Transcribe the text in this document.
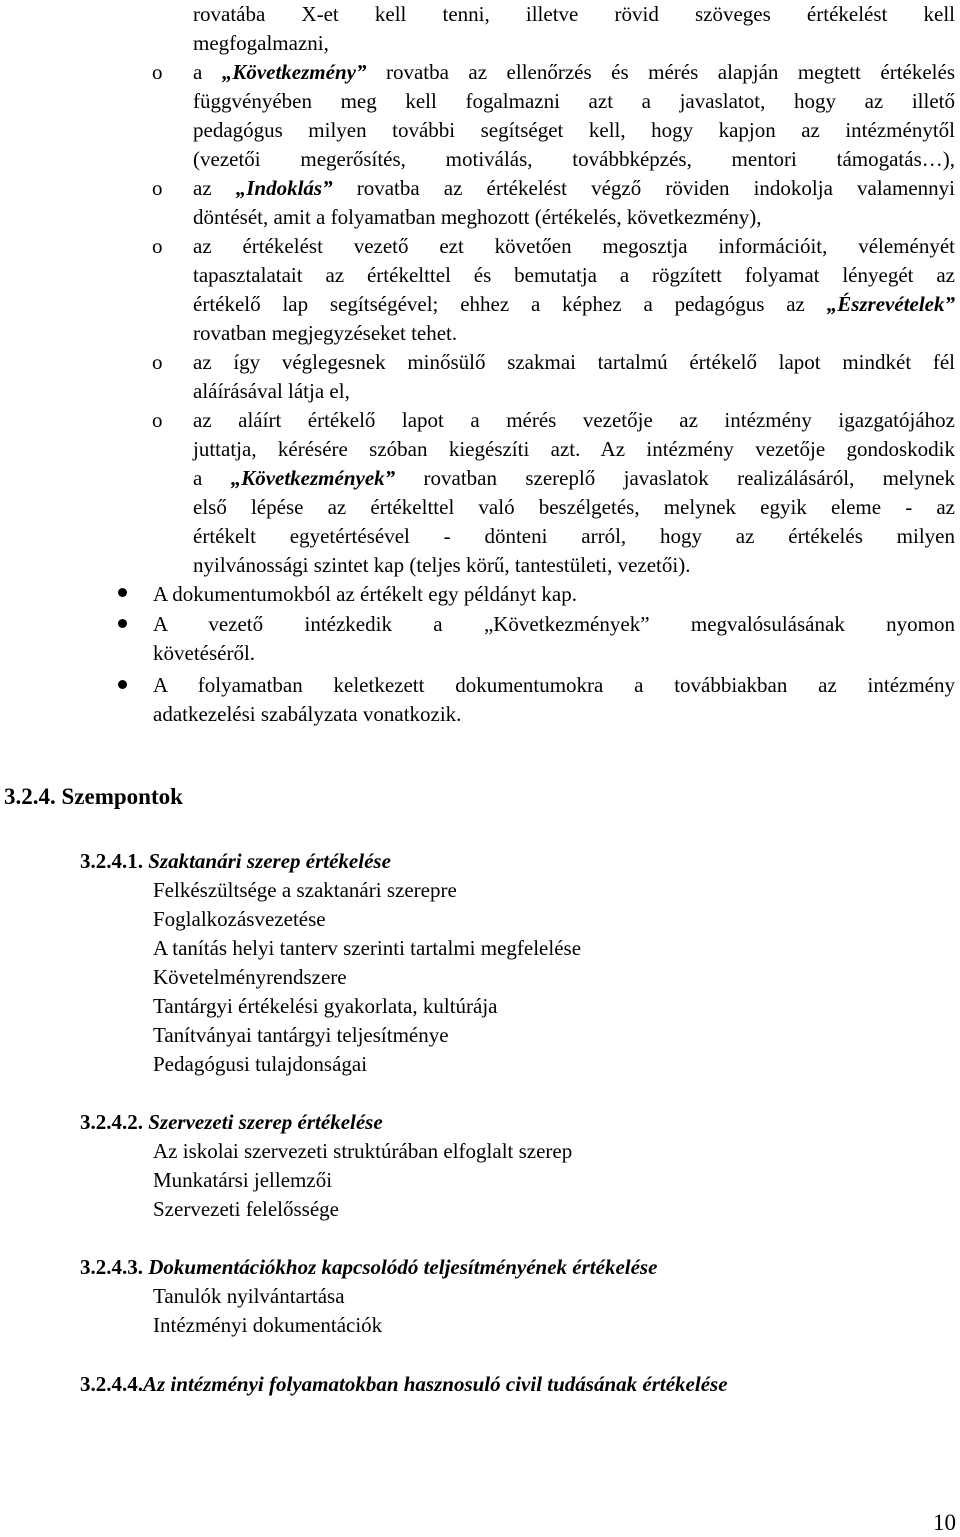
rovatába X-et kell tenni, illetve rövid szöveges értékelést kell
megfogalmazni,
o	a „Következmény” rovatba az ellenőrzés és mérés alapján megtett értékelés
függvényében meg kell fogalmazni azt a javaslatot, hogy az illető
pedagógus milyen további segítséget kell, hogy kapjon az intézménytől
(vezetői megerősítés, motiválás, továbbképzés, mentori támogatás…),
o	az „Indoklás” rovatba az értékelést végző röviden indokolja valamennyi
döntését, amit a folyamatban meghozott (értékelés, következmény),
o	az értékelést vezető ezt követően megosztja információit, véleményét
tapasztalatait az értékelttel és bemutatja a rögzített folyamat lényegét az
értékelő lap segítségével; ehhez a képhez a pedagógus az „Észrevételek”
rovatban megjegyzéseket tehet.
o	az így véglegesnek minősülő szakmai tartalmú értékelő lapot mindkét fél
aláírásával látja el,
o	az aláírt értékelő lapot a mérés vezetője az intézmény igazgatójához
juttatja, kérésére szóban kiegészíti azt. Az intézmény vezetője gondoskodik
a „Következmények” rovatban szereplő javaslatok realizálásáról, melynek
első lépése az értékelttel való beszélgetés, melynek egyik eleme - az
értékelt egyetértésével - dönteni arról, hogy az értékelés milyen
nyilvánossági szintet kap (teljes körű, tantestületi, vezetői).
A dokumentumokból az értékelt egy példányt kap.
A vezető intézkedik a „Következmények” megvalósulásának nyomon
követéséről.
A folyamatban keletkezett dokumentumokra a továbbiakban az intézmény
adatkezelési szabályzata vonatkozik.
3.2.4. Szempontok
3.2.4.1. Szaktanári szerep értékelése
Felkészültsége a szaktanári szerepre
Foglalkozásvezetése
A tanítás helyi tanterv szerinti tartalmi megfelelése
Követelményrendszere
Tantárgyi értékelési gyakorlata, kultúrája
Tanítványai tantárgyi teljesítménye
Pedagógusi tulajdonságai
3.2.4.2. Szervezeti szerep értékelése
Az iskolai szervezeti struktúrában elfoglalt szerep
Munkatársi jellemzői
Szervezeti felelőssége
3.2.4.3. Dokumentációkhoz kapcsolódó teljesítményének értékelése
Tanulók nyilvántartása
Intézményi dokumentációk
3.2.4.4.Az intézményi folyamatokban hasznosuló civil tudásának értékelése
10
